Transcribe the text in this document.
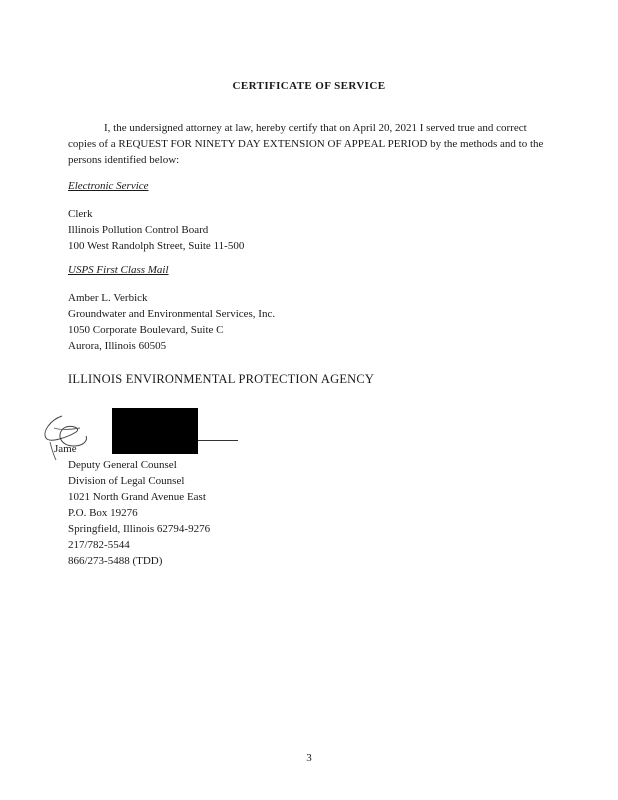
CERTIFICATE OF SERVICE
I, the undersigned attorney at law, hereby certify that on April 20, 2021 I served true and correct copies of a REQUEST FOR NINETY DAY EXTENSION OF APPEAL PERIOD by the methods and to the persons identified below:
Electronic Service
Clerk
Illinois Pollution Control Board
100 West Randolph Street, Suite 11-500
USPS First Class Mail
Amber L. Verbick
Groundwater and Environmental Services, Inc.
1050 Corporate Boulevard, Suite C
Aurora, Illinois 60505
ILLINOIS ENVIRONMENTAL PROTECTION AGENCY
Jame
Deputy General Counsel
Division of Legal Counsel
1021 North Grand Avenue East
P.O. Box 19276
Springfield, Illinois 62794-9276
217/782-5544
866/273-5488 (TDD)
3
